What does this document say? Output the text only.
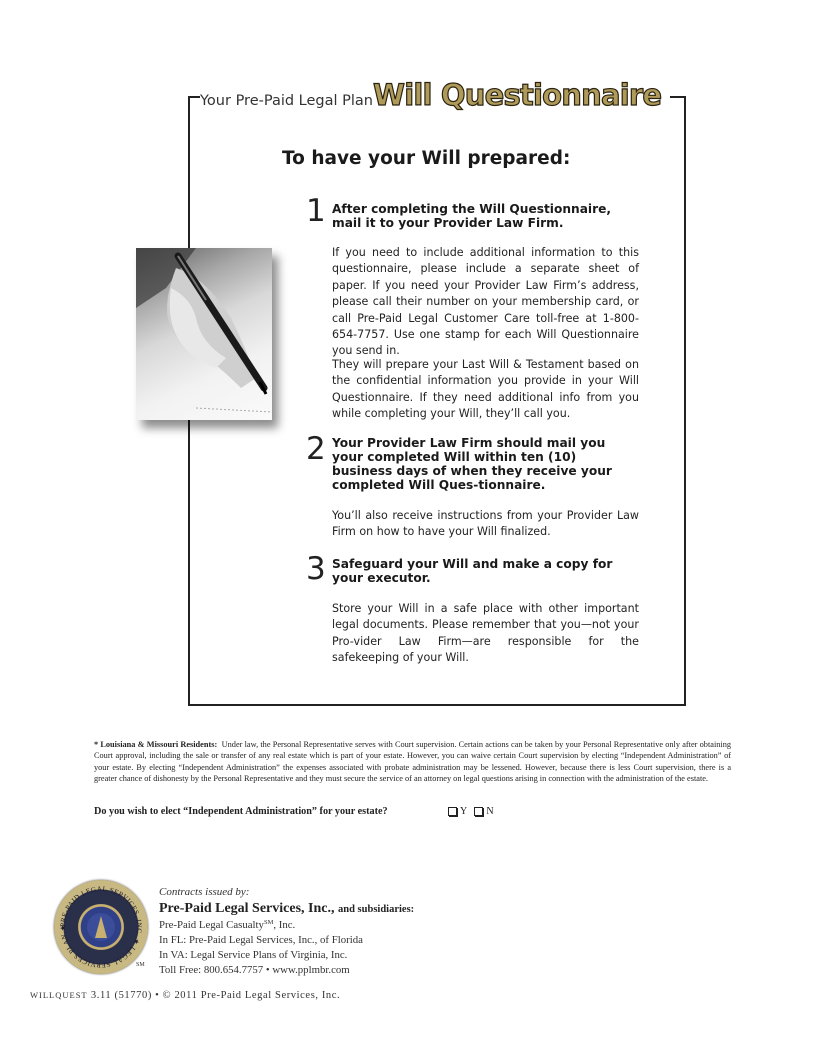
Your Pre-Paid Legal PlanWill Questionnaire
To have your Will prepared:
1 After completing the Will Questionnaire, mail it to your Provider Law Firm.
If you need to include additional information to this questionnaire, please include a separate sheet of paper. If you need your Provider Law Firm’s address, please call their number on your membership card, or call Pre-Paid Legal Customer Care toll-free at 1-800-654-7757. Use one stamp for each Will Questionnaire you send in.
They will prepare your Last Will & Testament based on the confidential information you provide in your Will Questionnaire. If they need additional info from you while completing your Will, they’ll call you.
2 Your Provider Law Firm should mail you your completed Will within ten (10) business days of when they receive your completed Will Ques-tionnaire.
You’ll also receive instructions from your Provider Law Firm on how to have your Will finalized.
3 Safeguard your Will and make a copy for your executor.
Store your Will in a safe place with other important legal documents. Please remember that you—not your Pro-vider Law Firm—are responsible for the safekeeping of your Will.
* Louisiana & Missouri Residents: Under law, the Personal Representative serves with Court supervision. Certain actions can be taken by your Personal Representative only after obtaining Court approval, including the sale or transfer of any real estate which is part of your estate. However, you can waive certain Court supervision by electing “Independent Administration” of your estate. By electing “Independent Administration” the expenses associated with probate administration may be lessened. However, because there is less Court supervision, there is a greater chance of dishonesty by the Personal Representative and they must secure the service of an attorney on legal questions arising in connection with the administration of the estate.
Do you wish to elect “Independent Administration” for your estate?	Y N
PRE-PAID LEGAL SERVICES, INC. ★ LEGAL SERVICES PLAN ★
SM
Contracts issued by:
Pre-Paid Legal Services, Inc., and subsidiaries:
Pre-Paid Legal Casualty℠, Inc.
In FL: Pre-Paid Legal Services, Inc., of Florida
In VA: Legal Service Plans of Virginia, Inc.
Toll Free: 800.654.7757 • www.pplmbr.com
WILLQUEST 3.11 (51770) • © 2011 Pre-Paid Legal Services, Inc.
